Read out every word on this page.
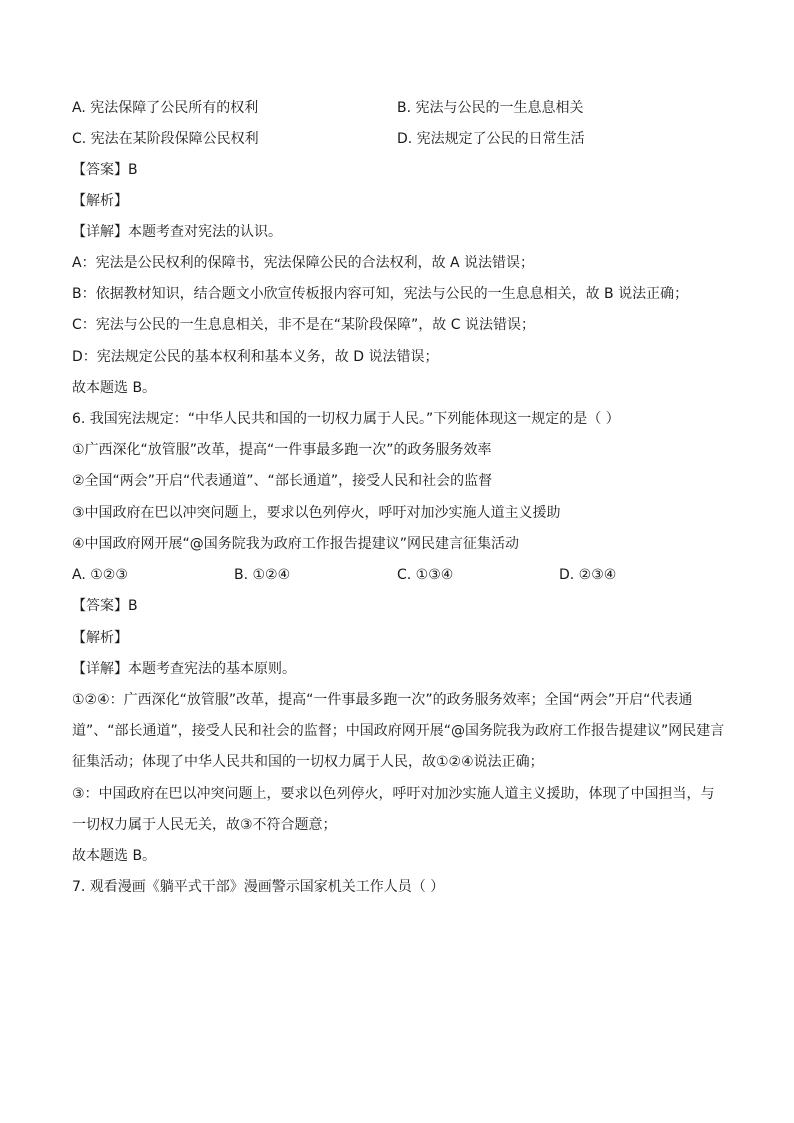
A. 宪法保障了公民所有的权利	B. 宪法与公民的一生息息相关
C. 宪法在某阶段保障公民权利	D. 宪法规定了公民的日常生活
【答案】B
【解析】
【详解】本题考查对宪法的认识。
A：宪法是公民权利的保障书，宪法保障公民的合法权利，故 A 说法错误；
B：依据教材知识，结合题文小欣宣传板报内容可知，宪法与公民的一生息息相关，故 B 说法正确；
C：宪法与公民的一生息息相关，非不是在“某阶段保障”，故 C 说法错误；
D：宪法规定公民的基本权利和基本义务，故 D 说法错误；
故本题选 B。
6. 我国宪法规定：“中华人民共和国的一切权力属于人民。”下列能体现这一规定的是（ ）
①广西深化“放管服”改革，提高“一件事最多跑一次”的政务服务效率
②全国“两会”开启“代表通道”、“部长通道”，接受人民和社会的监督
③中国政府在巴以冲突问题上，要求以色列停火，呼吁对加沙实施人道主义援助
④中国政府网开展“@国务院我为政府工作报告提建议”网民建言征集活动
A. ①②③	B. ①②④	C. ①③④	D. ②③④
【答案】B
【解析】
【详解】本题考查宪法的基本原则。
①②④：广西深化“放管服”改革，提高“一件事最多跑一次”的政务服务效率；全国“两会”开启“代表通
道”、“部长通道”，接受人民和社会的监督；中国政府网开展“@国务院我为政府工作报告提建议”网民建言
征集活动；体现了中华人民共和国的一切权力属于人民，故①②④说法正确；
③：中国政府在巴以冲突问题上，要求以色列停火，呼吁对加沙实施人道主义援助，体现了中国担当，与
一切权力属于人民无关，故③不符合题意；
故本题选 B。
7. 观看漫画《躺平式干部》漫画警示国家机关工作人员（ ）
